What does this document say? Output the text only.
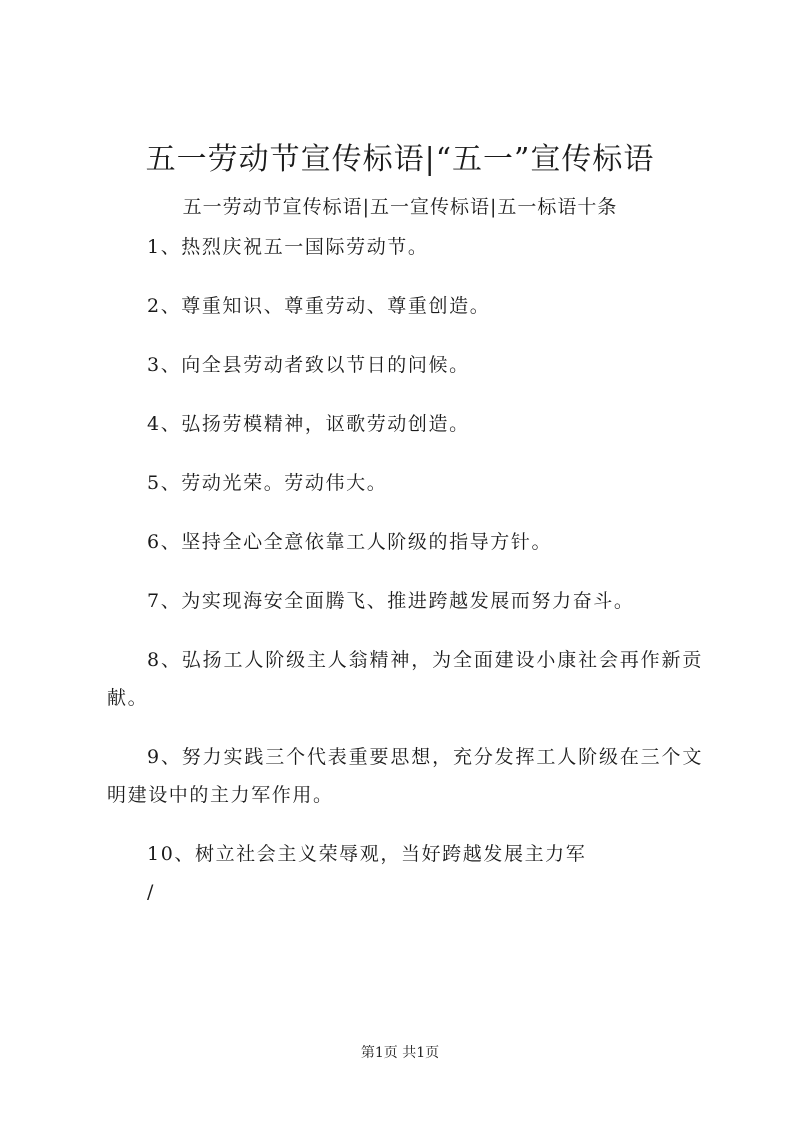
五一劳动节宣传标语|“五一”宣传标语

五一劳动节宣传标语|五一宣传标语|五一标语十条

1、热烈庆祝五一国际劳动节。

2、尊重知识、尊重劳动、尊重创造。

3、向全县劳动者致以节日的问候。

4、弘扬劳模精神，讴歌劳动创造。

5、劳动光荣。劳动伟大。

6、坚持全心全意依靠工人阶级的指导方针。

7、为实现海安全面腾飞、推进跨越发展而努力奋斗。

8、弘扬工人阶级主人翁精神，为全面建设小康社会再作新贡献。

9、努力实践三个代表重要思想，充分发挥工人阶级在三个文明建设中的主力军作用。

10、树立社会主义荣辱观，当好跨越发展主力军

/

第1页 共1页
